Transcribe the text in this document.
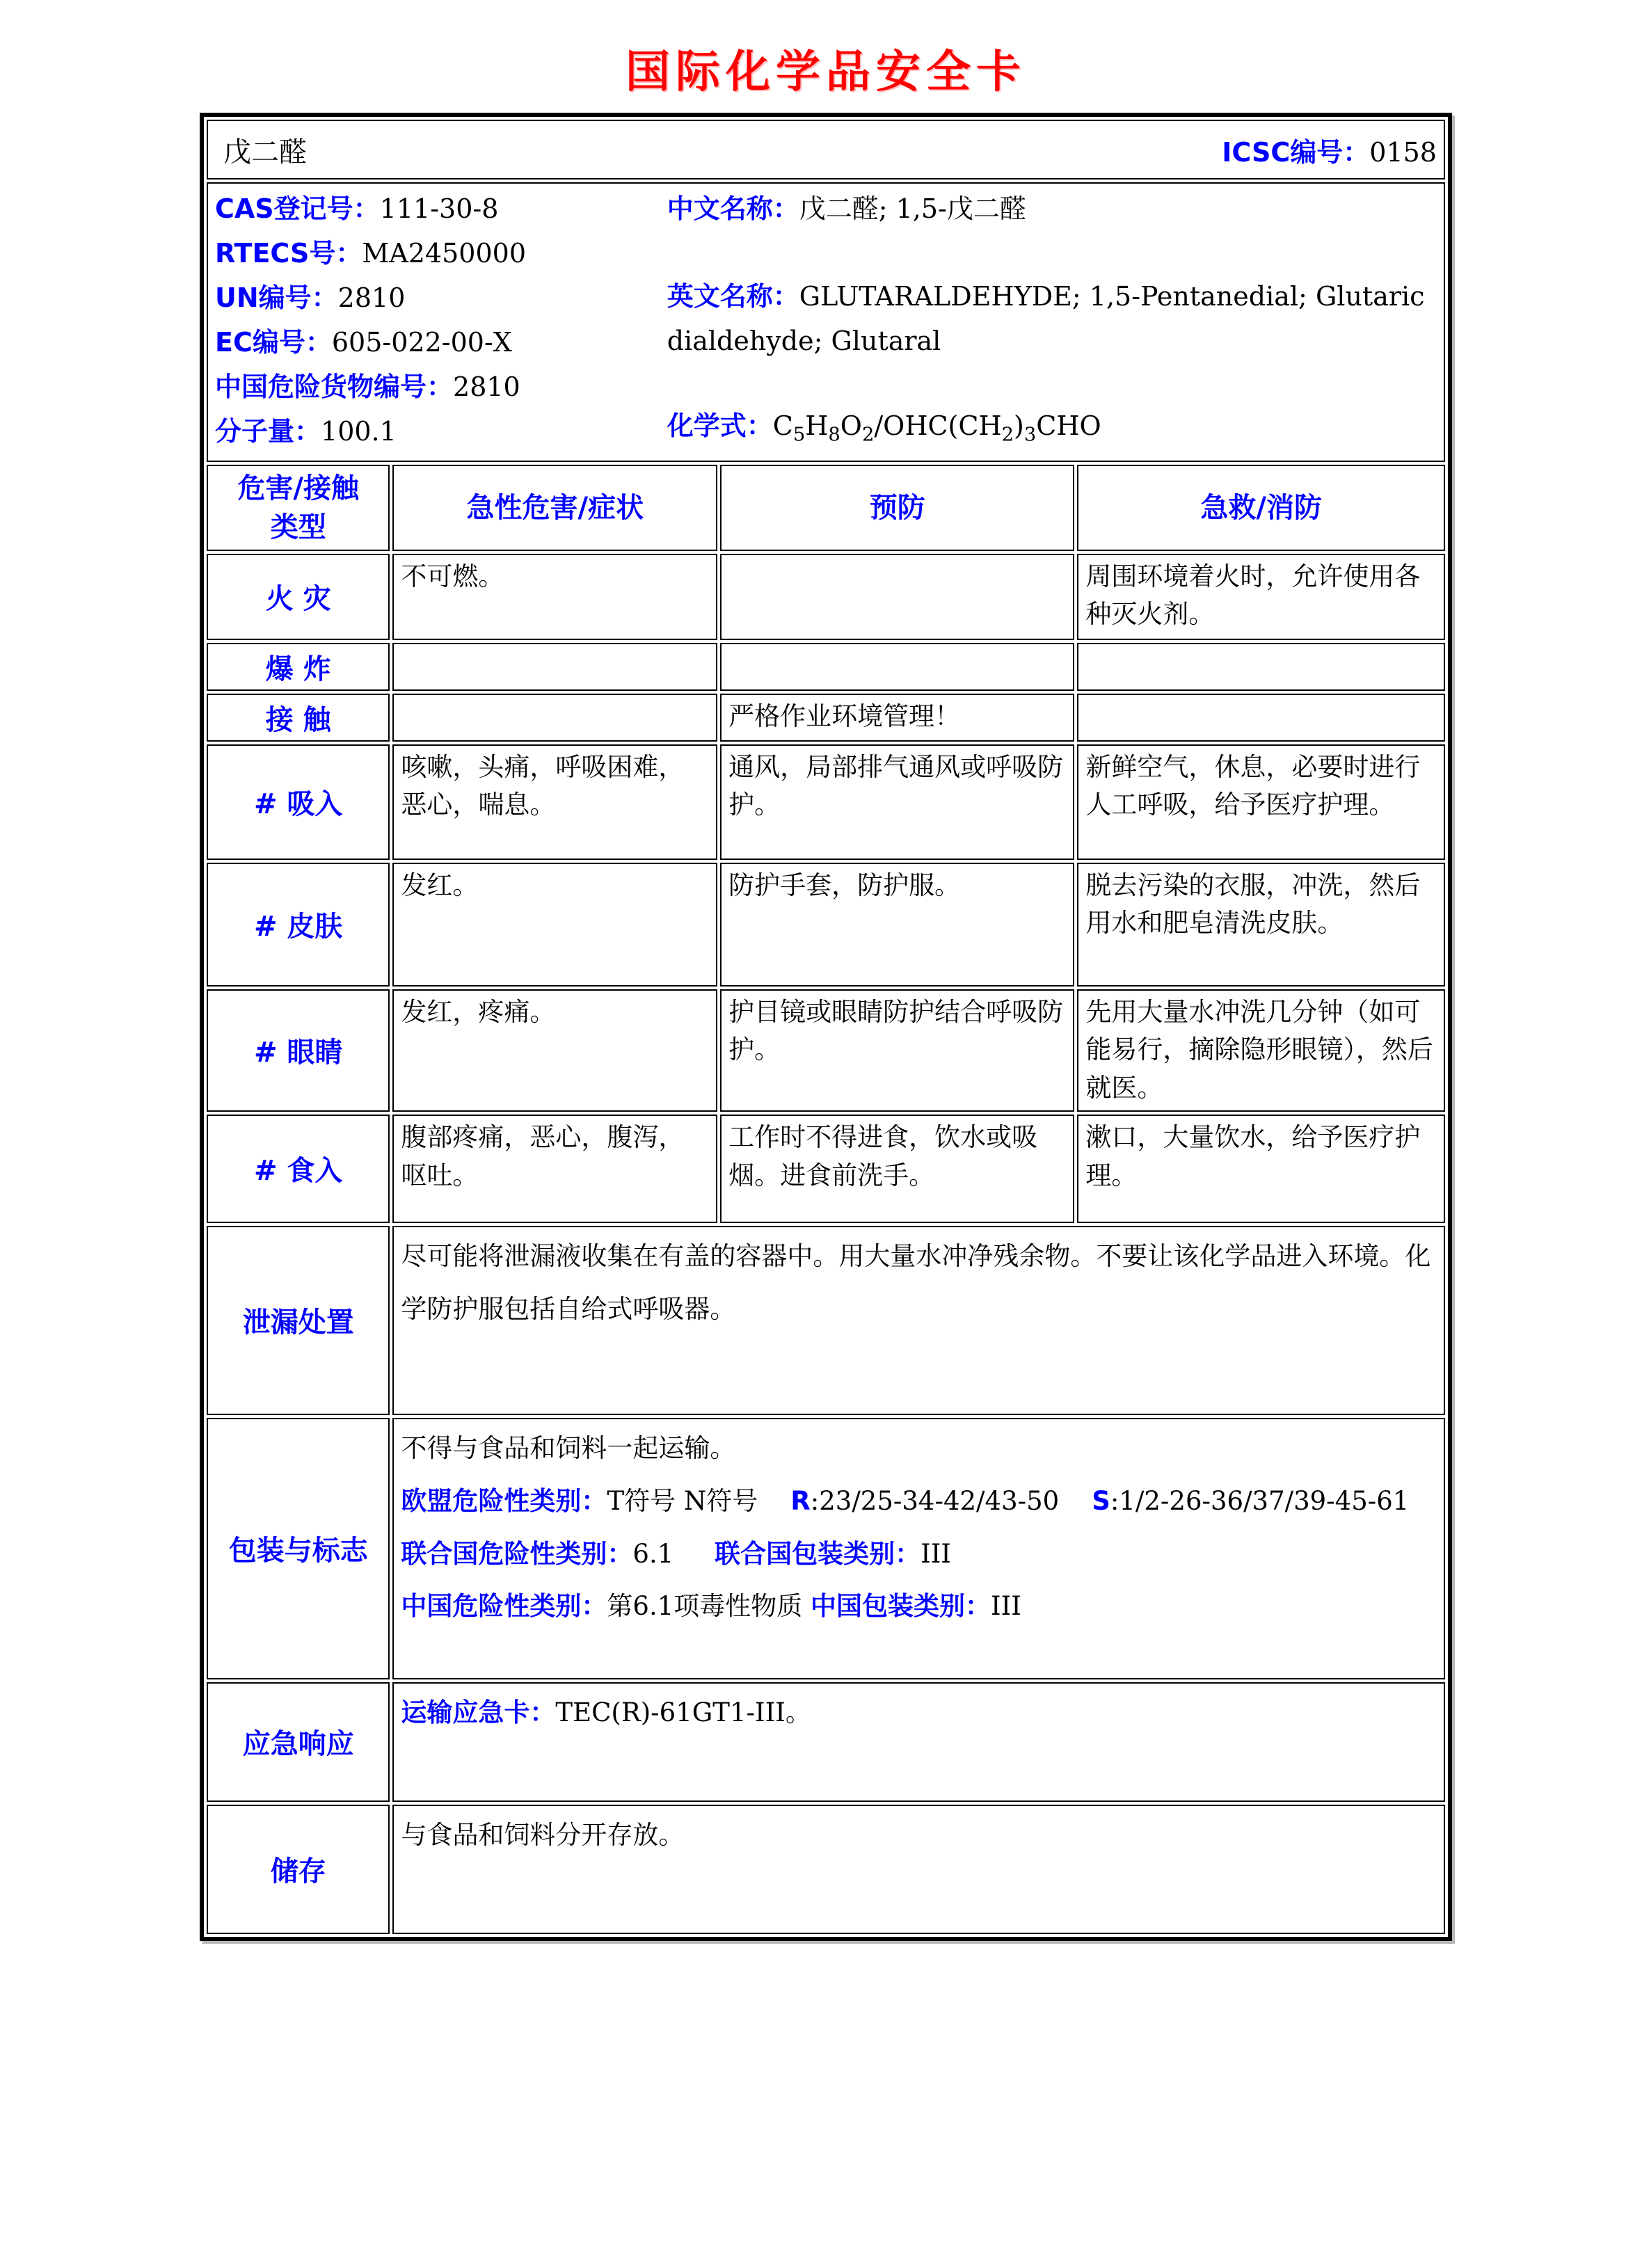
国际化学品安全卡
戊二醛 ICSC编号：0158			

CAS登记号：111-30-8
RTECS号：MA2450000
UN编号：2810
EC编号：605-022-00-X
中国危险货物编号：2810
分子量：100.1
中文名称：戊二醛; 1,5-戊二醛
英文名称：GLUTARALDEHYDE; 1,5-Pentanedial; Glutaric dialdehyde; Glutaral
化学式：$C_5H_8O_2/OHC(CH_2)_3CHO$

危害/接触
类型	急性危害/症状	预防	急救/消防

火 灾	不可燃。		周围环境着火时，允许使用各种灭火剂。
爆 炸			
接 触		严格作业环境管理！	
# 吸入	咳嗽，头痛，呼吸困难，恶心，喘息。	通风，局部排气通风或呼吸防护。	新鲜空气，休息，必要时进行人工呼吸，给予医疗护理。
# 皮肤	发红。	防护手套，防护服。	脱去污染的衣服，冲洗，然后用水和肥皂清洗皮肤。
# 眼睛	发红，疼痛。	护目镜或眼睛防护结合呼吸防护。	先用大量水冲洗几分钟（如可能易行，摘除隐形眼镜），然后就医。
# 食入	腹部疼痛，恶心，腹泻，呕吐。	工作时不得进食，饮水或吸烟。进食前洗手。	漱口，大量饮水，给予医疗护理。
泄漏处置	尽可能将泄漏液收集在有盖的容器中。用大量水冲净残余物。不要让该化学品进入环境。化学防护服包括自给式呼吸器。		
包装与标志	不得与食品和饲料一起运输。
欧盟危险性类别：T符号 N符号    R:23/25-34-42/43-50    S:1/2-26-36/37/39-45-61
联合国危险性类别：6.1     联合国包装类别：III
中国危险性类别：第6.1项毒性物质 中国包装类别：III		

应急响应	运输应急卡：TEC(R)-61GT1-III。		

储存	与食品和饲料分开存放。		
